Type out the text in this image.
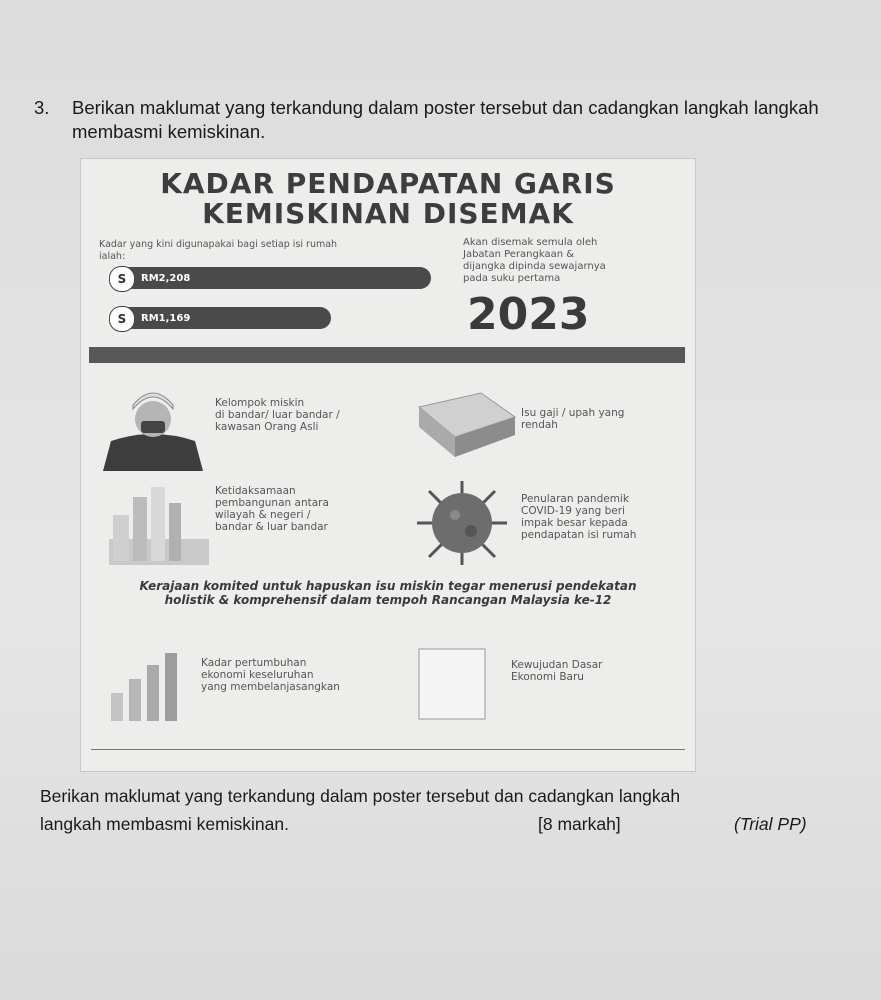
3. Berikan maklumat yang terkandung dalam poster tersebut dan cadangkan langkah langkah membasmi kemiskinan.
KADAR PENDAPATAN GARIS
KEMISKINAN DISEMAK
Kadar yang kini digunapakai bagi setiap isi rumah ialah:
Akan disemak semula oleh
Jabatan Perangkaan &
dijangka dipinda sewajarnya
pada suku pertama
S	RM2,208
S	RM1,169	2023
Kelompok miskin
di bandar/ luar bandar /
kawasan Orang Asli
Isu gaji / upah yang
rendah
Ketidaksamaan
pembangunan antara
wilayah & negeri /
bandar & luar bandar
Penularan pandemik
COVID-19 yang beri
impak besar kepada
pendapatan isi rumah
Kerajaan komited untuk hapuskan isu miskin tegar menerusi pendekatan
holistik & komprehensif dalam tempoh Rancangan Malaysia ke-12

Kadar pertumbuhan
ekonomi keseluruhan
yang membelanjasangkan
Kewujudan Dasar
Ekonomi Baru
Berikan maklumat yang terkandung dalam poster tersebut dan cadangkan langkah
langkah membasmi kemiskinan.	[8 markah]	(Trial PP)
